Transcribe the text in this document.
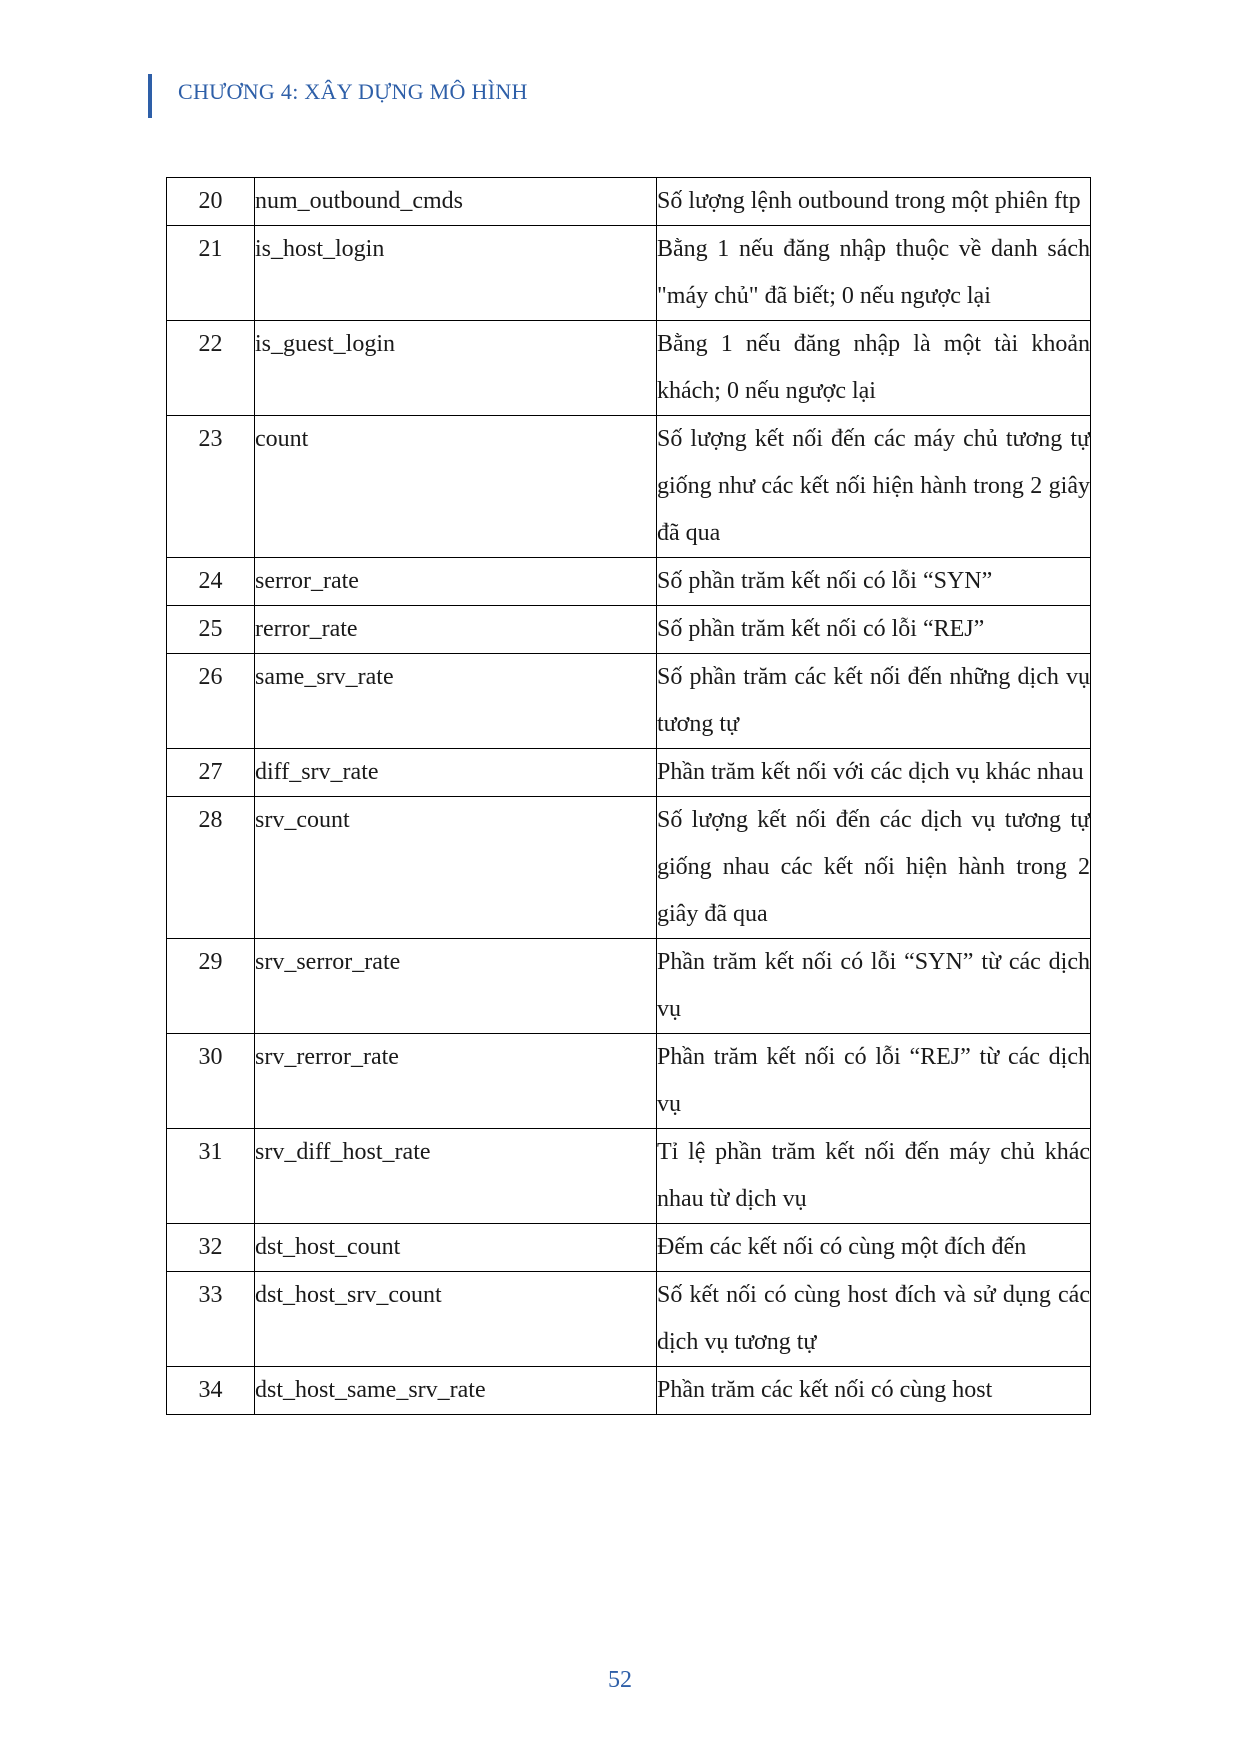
CHƯƠNG 4: XÂY DỰNG MÔ HÌNH
20	num_outbound_cmds	Số lượng lệnh outbound trong một phiên ftp
21	is_host_login	Bằng 1 nếu đăng nhập thuộc về danh sách "máy chủ" đã biết; 0 nếu ngược lại
22	is_guest_login	Bằng 1 nếu đăng nhập là một tài khoản khách; 0 nếu ngược lại
23	count	Số lượng kết nối đến các máy chủ tương tự giống như các kết nối hiện hành trong 2 giây đã qua
24	serror_rate	Số phần trăm kết nối có lỗi “SYN”
25	rerror_rate	Số phần trăm kết nối có lỗi “REJ”
26	same_srv_rate	Số phần trăm các kết nối đến những dịch vụ tương tự
27	diff_srv_rate	Phần trăm kết nối với các dịch vụ khác nhau
28	srv_count	Số lượng kết nối đến các dịch vụ tương tự giống nhau các kết nối hiện hành trong 2 giây đã qua
29	srv_serror_rate	Phần trăm kết nối có lỗi “SYN” từ các dịch vụ
30	srv_rerror_rate	Phần trăm kết nối có lỗi “REJ” từ các dịch vụ
31	srv_diff_host_rate	Tỉ lệ phần trăm kết nối đến máy chủ khác nhau từ dịch vụ
32	dst_host_count	Đếm các kết nối có cùng một đích đến
33	dst_host_srv_count	Số kết nối có cùng host đích và sử dụng các dịch vụ tương tự
34	dst_host_same_srv_rate	Phần trăm các kết nối có cùng host
52
